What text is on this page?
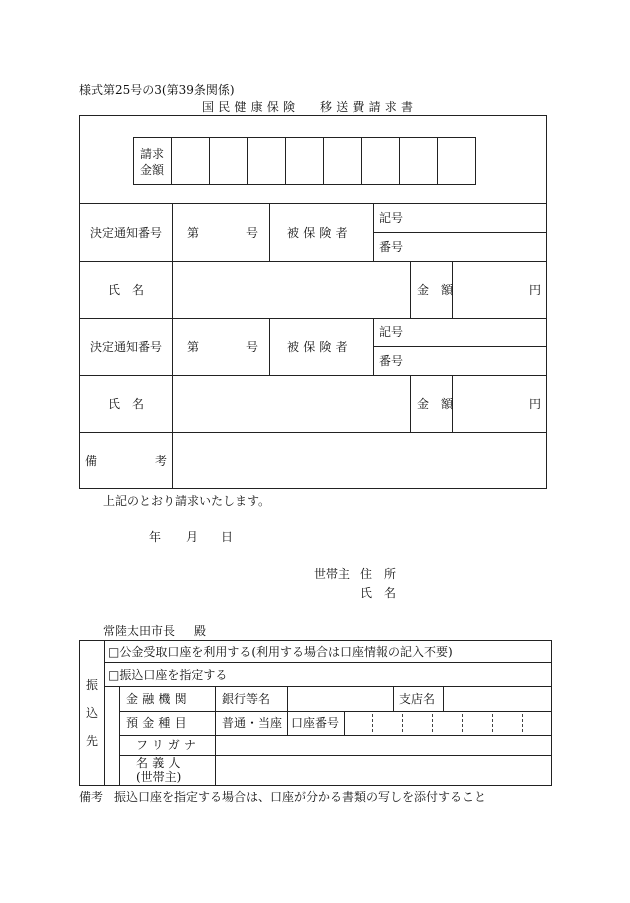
様式第25号の3(第39条関係)
国民健康保険 移送費請求書
請求
金額
決定通知番号 第	号 被保険者
記号
番号
氏　名	金　額	円
決定通知番号 第	号 被保険者
記号
番号
氏　名	金　額	円
備	考
上記のとおり請求いたします。
年 月 日
世帯主 住　所
氏　名
常陸太田市長 殿
振
込
先
□公金受取口座を利用する(利用する場合は口座情報の記入不要)
□振込口座を指定する
金融機関	銀行等名	支店名
預金種目	普通・当座 口座番号
フリガナ
名義人
(世帯主)
備考 振込口座を指定する場合は、口座が分かる書類の写しを添付すること
